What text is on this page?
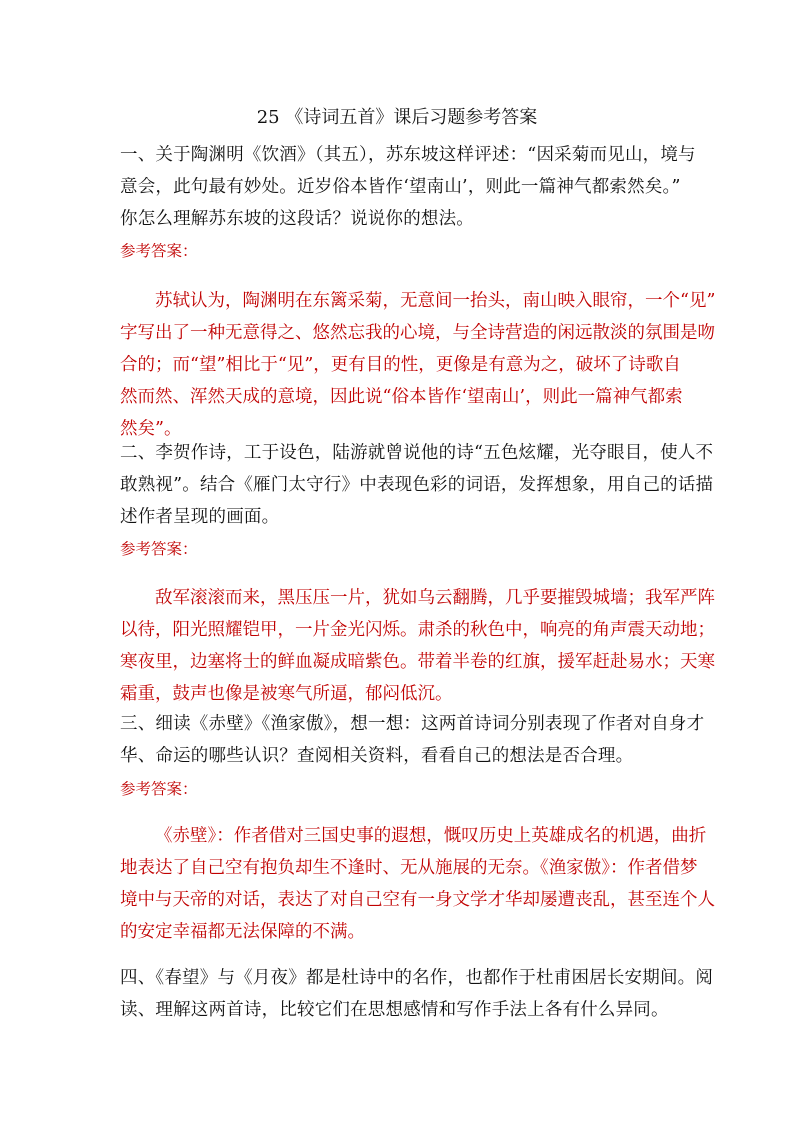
25 《诗词五首》课后习题参考答案
一、关于陶渊明《饮酒》（其五），苏东坡这样评述：“因采菊而见山，境与
意会，此句最有妙处。近岁俗本皆作‘望南山’，则此一篇神气都索然矣。”
你怎么理解苏东坡的这段话？说说你的想法。
参考答案：
苏轼认为，陶渊明在东篱采菊，无意间一抬头，南山映入眼帘，一个“见”
字写出了一种无意得之、悠然忘我的心境，与全诗营造的闲远散淡的氛围是吻
合的；而“望”相比于“见”，更有目的性，更像是有意为之，破坏了诗歌自
然而然、浑然天成的意境，因此说“俗本皆作‘望南山’，则此一篇神气都索
然矣”。
二、李贺作诗，工于设色，陆游就曾说他的诗“五色炫耀，光夺眼目，使人不
敢熟视”。结合《雁门太守行》中表现色彩的词语，发挥想象，用自己的话描
述作者呈现的画面。
参考答案：
敌军滚滚而来，黑压压一片，犹如乌云翻腾，几乎要摧毁城墙；我军严阵
以待，阳光照耀铠甲，一片金光闪烁。肃杀的秋色中，响亮的角声震天动地；
寒夜里，边塞将士的鲜血凝成暗紫色。带着半卷的红旗，援军赶赴易水；天寒
霜重，鼓声也像是被寒气所逼，郁闷低沉。
三、细读《赤壁》《渔家傲》，想一想：这两首诗词分别表现了作者对自身才
华、命运的哪些认识？查阅相关资料，看看自己的想法是否合理。
参考答案：
《赤壁》：作者借对三国史事的遐想，慨叹历史上英雄成名的机遇，曲折
地表达了自己空有抱负却生不逢时、无从施展的无奈。《渔家傲》：作者借梦
境中与天帝的对话，表达了对自己空有一身文学才华却屡遭丧乱，甚至连个人
的安定幸福都无法保障的不满。
四、《春望》与《月夜》都是杜诗中的名作，也都作于杜甫困居长安期间。阅
读、理解这两首诗，比较它们在思想感情和写作手法上各有什么异同。
